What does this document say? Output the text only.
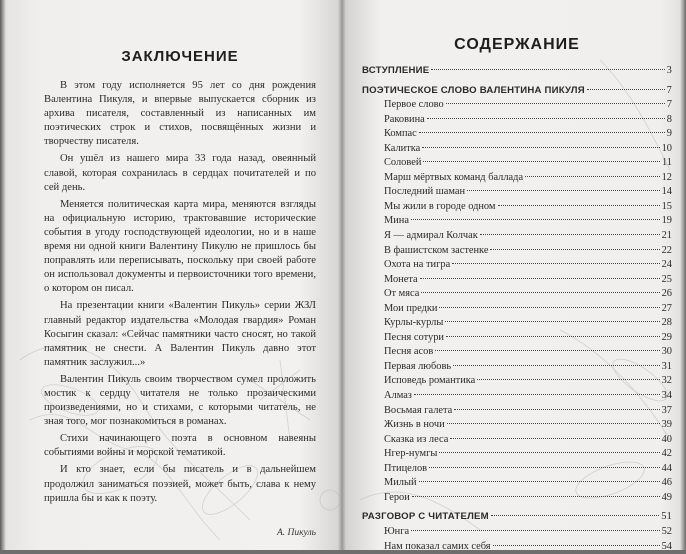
ЗАКЛЮЧЕНИЕ

В этом году исполняется 95 лет со дня рождения Валентина Пикуля, и впервые выпускается сборник из архива писателя, составленный из написанных им поэтических строк и стихов, посвящённых жизни и творчеству писателя.

Он ушёл из нашего мира 33 года назад, овеянный славой, которая сохранилась в сердцах почитателей и по сей день.

Меняется политическая карта мира, меняются взгляды на официальную историю, трактовавшие исторические события в угоду господствующей идеологии, но и в наше время ни одной книги Валентину Пикулю не пришлось бы поправлять или переписывать, поскольку при своей работе он использовал документы и первоисточники того времени, о котором он писал.

На презентации книги «Валентин Пикуль» серии ЖЗЛ главный редактор издательства «Молодая гвардия» Роман Косыгин сказал: «Сейчас памятники часто сносят, но такой памятник не снести. А Валентин Пикуль давно этот памятник заслужил...»

Валентин Пикуль своим творчеством сумел проложить мостик к сердцу читателя не только прозаическими произведениями, но и стихами, с которыми читатель, не зная того, мог познакомиться в романах.

Стихи начинающего поэта в основном навеяны событиями войны и морской тематикой.

И кто знает, если бы писатель и в дальнейшем продолжил заниматься поэзией, может быть, слава к нему пришла бы и как к поэту.

А. Пикуль
СОДЕРЖАНИЕ
ВСТУПЛЕНИЕ	3
ПОЭТИЧЕСКОЕ СЛОВО ВАЛЕНТИНА ПИКУЛЯ	7
Первое слово	7
Раковина	8
Компас	9
Калитка	10
Соловей	11
Марш мёртвых команд баллада	12
Последний шаман	14
Мы жили в городе одном	15
Мина	19
Я — адмирал Колчак	21
В фашистском застенке	22
Охота на тигра	24
Монета	25
От мяса	26
Мои предки	27
Курлы-курлы	28
Песня сотури	29
Песня асов	30
Первая любовь	31
Исповедь романтика	32
Алмаз	34
Восьмая галета	37
Жизнь в ночи	39
Сказка из леса	40
Нгер-нумгы	42
Птицелов	44
Милый	46
Герои	49
РАЗГОВОР С ЧИТАТЕЛЕМ	51
Юнга	52
Нам показал самих себя	54
